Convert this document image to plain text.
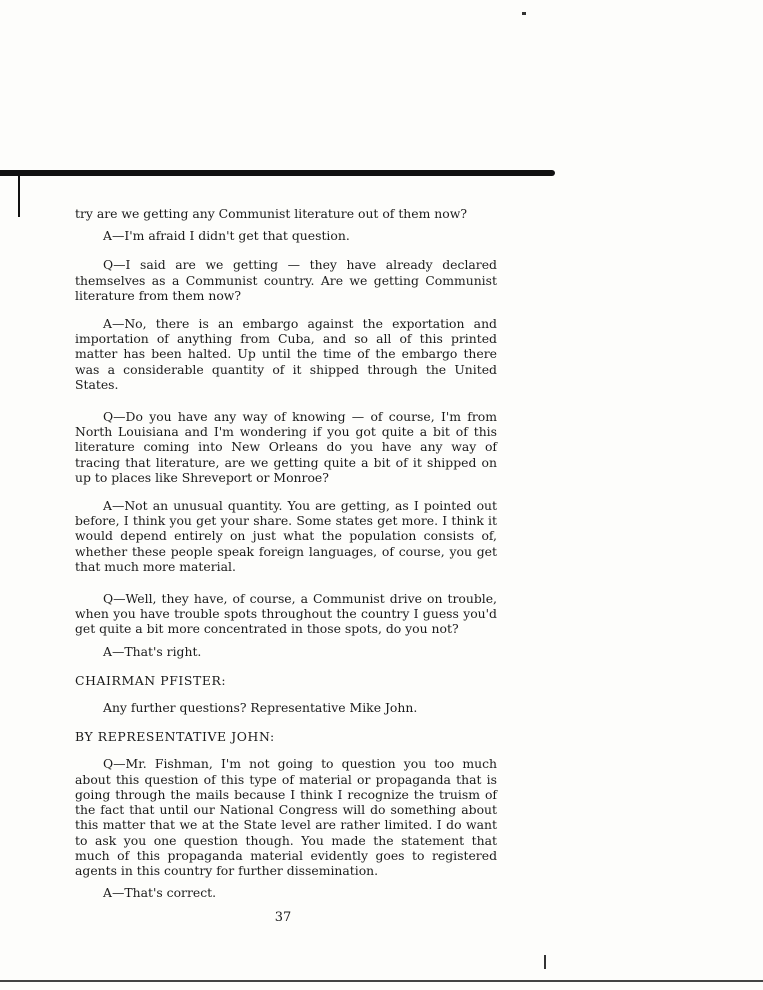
try are we getting any Communist literature out of them now?

A—I'm afraid I didn't get that question.

Q—I said are we getting — they have already declared themselves as a Communist country. Are we getting Communist literature from them now?

A—No, there is an embargo against the exportation and importation of anything from Cuba, and so all of this printed matter has been halted. Up until the time of the embargo there was a considerable quantity of it shipped through the United States.

Q—Do you have any way of knowing — of course, I'm from North Louisiana and I'm wondering if you got quite a bit of this literature coming into New Orleans do you have any way of tracing that literature, are we getting quite a bit of it shipped on up to places like Shreveport or Monroe?

A—Not an unusual quantity. You are getting, as I pointed out before, I think you get your share. Some states get more. I think it would depend entirely on just what the population consists of, whether these people speak foreign languages, of course, you get that much more material.

Q—Well, they have, of course, a Communist drive on trouble, when you have trouble spots throughout the country I guess you'd get quite a bit more concentrated in those spots, do you not?

A—That's right.

CHAIRMAN PFISTER:

Any further questions? Representative Mike John.

BY REPRESENTATIVE JOHN:

Q—Mr. Fishman, I'm not going to question you too much about this question of this type of material or propaganda that is going through the mails because I think I recognize the truism of the fact that until our National Congress will do something about this matter that we at the State level are rather limited. I do want to ask you one question though. You made the statement that much of this propaganda material evidently goes to registered agents in this country for further dissemination.

A—That's correct.

37
